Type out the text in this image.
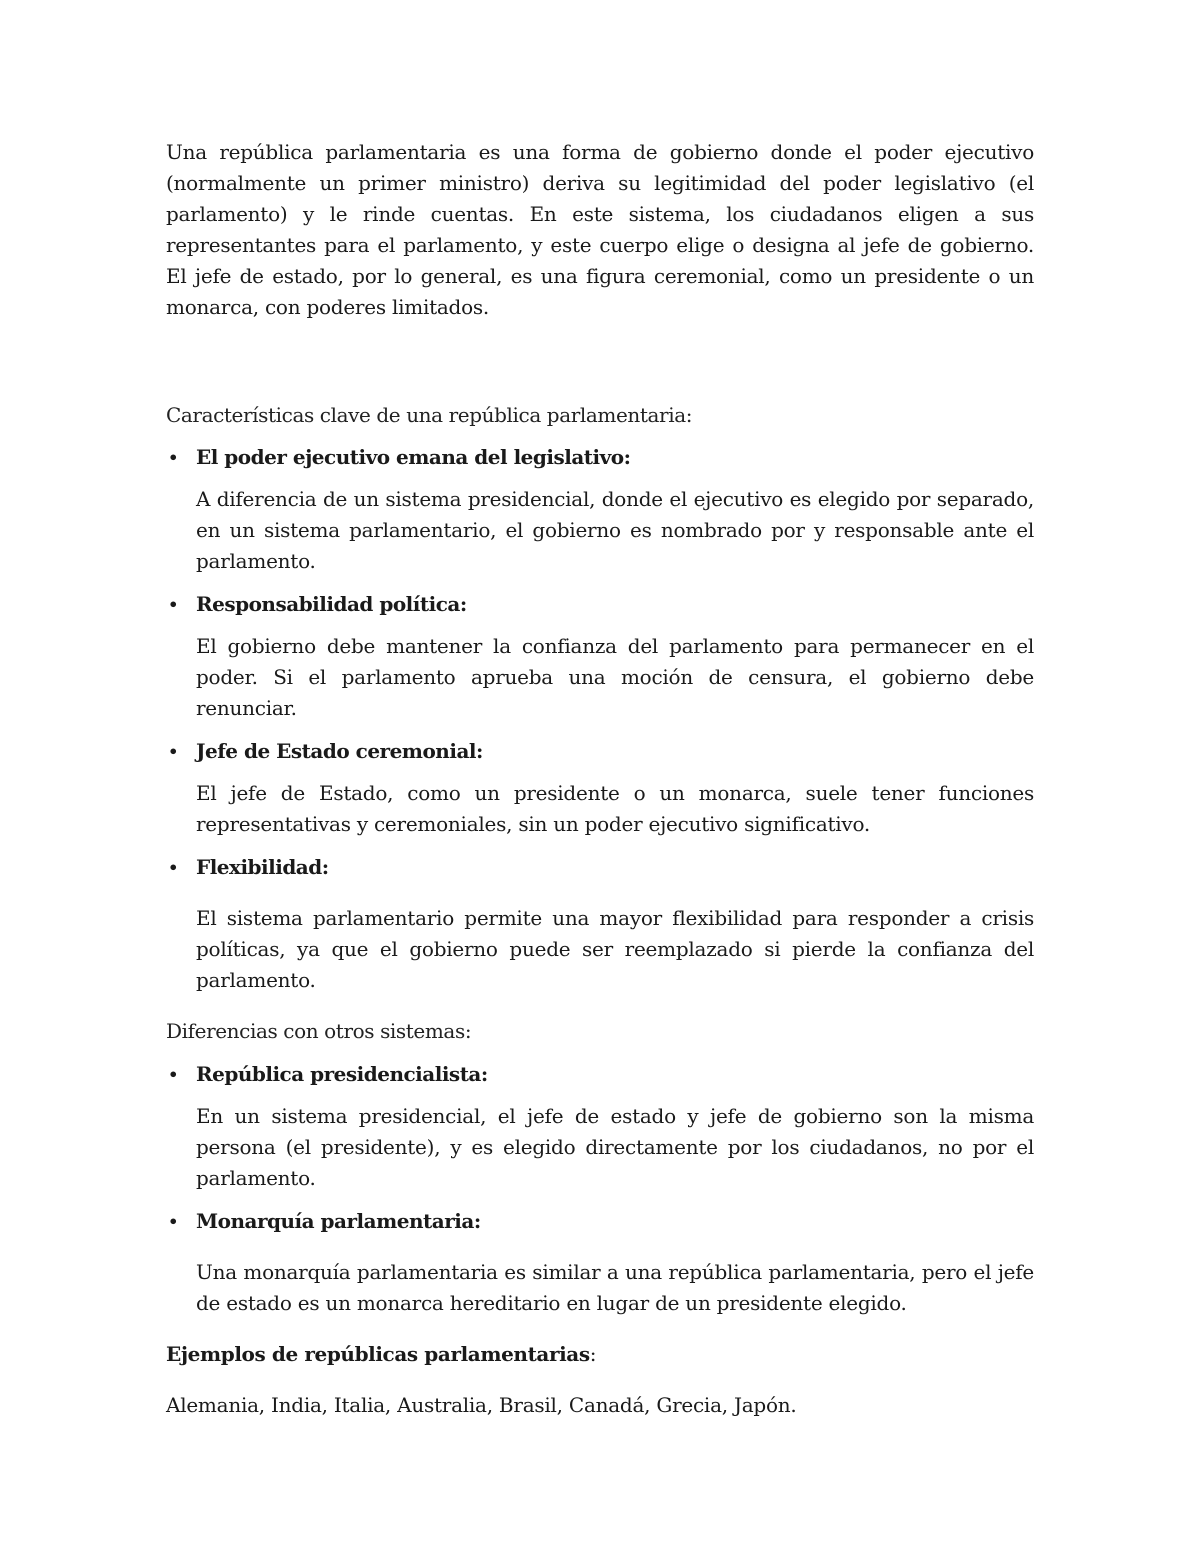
Una república parlamentaria es una forma de gobierno donde el poder ejecutivo (normalmente un primer ministro) deriva su legitimidad del poder legislativo (el parlamento) y le rinde cuentas. En este sistema, los ciudadanos eligen a sus representantes para el parlamento, y este cuerpo elige o designa al jefe de gobierno. El jefe de estado, por lo general, es una figura ceremonial, como un presidente o un monarca, con poderes limitados.

Características clave de una república parlamentaria:

• El poder ejecutivo emana del legislativo:

A diferencia de un sistema presidencial, donde el ejecutivo es elegido por separado, en un sistema parlamentario, el gobierno es nombrado por y responsable ante el parlamento.

• Responsabilidad política:

El gobierno debe mantener la confianza del parlamento para permanecer en el poder. Si el parlamento aprueba una moción de censura, el gobierno debe renunciar.

• Jefe de Estado ceremonial:

El jefe de Estado, como un presidente o un monarca, suele tener funciones representativas y ceremoniales, sin un poder ejecutivo significativo.

• Flexibilidad:

El sistema parlamentario permite una mayor flexibilidad para responder a crisis políticas, ya que el gobierno puede ser reemplazado si pierde la confianza del parlamento.

Diferencias con otros sistemas:

• República presidencialista:

En un sistema presidencial, el jefe de estado y jefe de gobierno son la misma persona (el presidente), y es elegido directamente por los ciudadanos, no por el parlamento.

• Monarquía parlamentaria:

Una monarquía parlamentaria es similar a una república parlamentaria, pero el jefe de estado es un monarca hereditario en lugar de un presidente elegido.

Ejemplos de repúblicas parlamentarias:

Alemania, India, Italia, Australia, Brasil, Canadá, Grecia, Japón.
